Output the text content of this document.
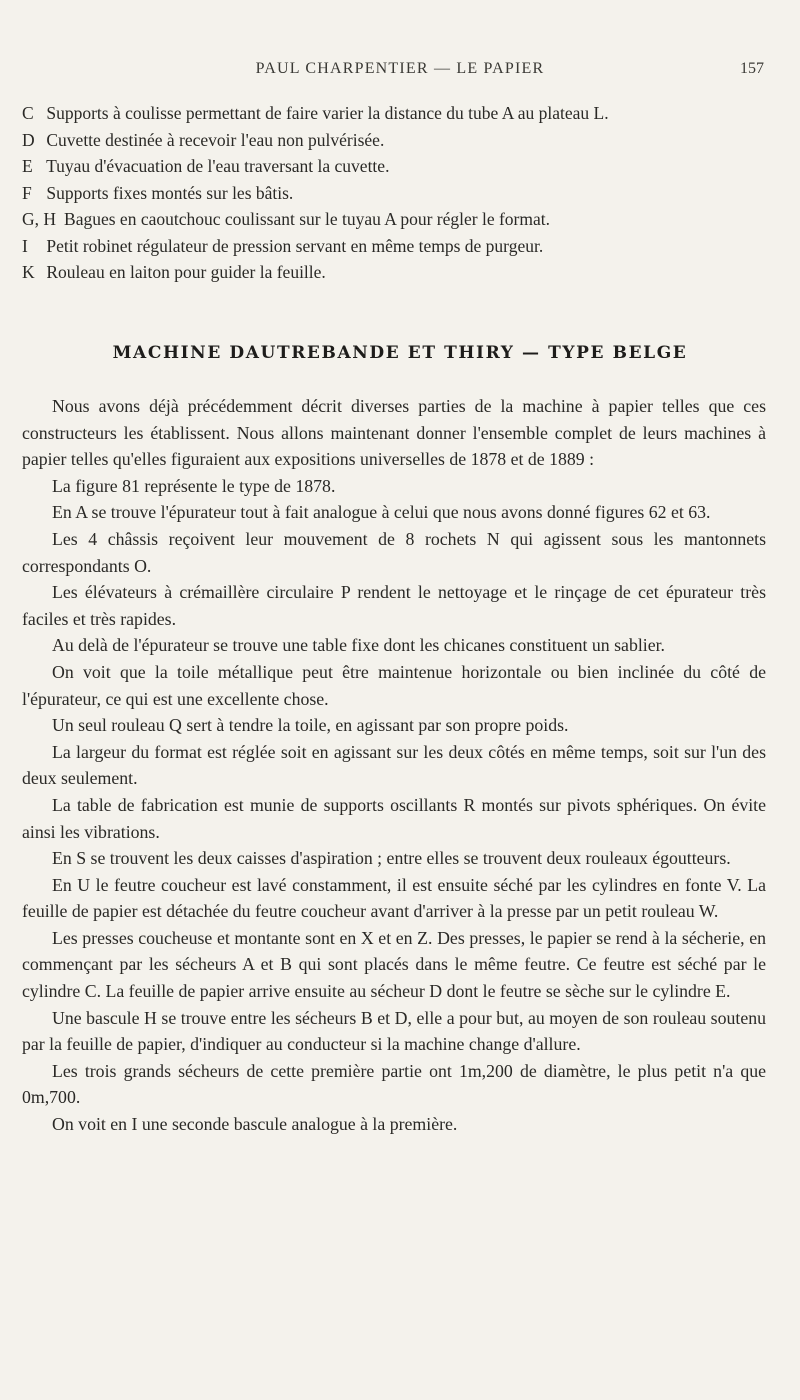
PAUL CHARPENTIER — LE PAPIER	157

C Supports à coulisse permettant de faire varier la distance du tube A au plateau L.

D Cuvette destinée à recevoir l'eau non pulvérisée.

E Tuyau d'évacuation de l'eau traversant la cuvette.

F Supports fixes montés sur les bâtis.

G, H Bagues en caoutchouc coulissant sur le tuyau A pour régler le format.

I Petit robinet régulateur de pression servant en même temps de purgeur.

K Rouleau en laiton pour guider la feuille.

MACHINE DAUTREBANDE ET THIRY — TYPE BELGE

Nous avons déjà précédemment décrit diverses parties de la machine à papier telles que ces constructeurs les établissent. Nous allons maintenant donner l'ensemble complet de leurs machines à papier telles qu'elles figuraient aux expositions universelles de 1878 et de 1889 :

La figure 81 représente le type de 1878.

En A se trouve l'épurateur tout à fait analogue à celui que nous avons donné figures 62 et 63.

Les 4 châssis reçoivent leur mouvement de 8 rochets N qui agissent sous les mantonnets correspondants O.

Les élévateurs à crémaillère circulaire P rendent le nettoyage et le rinçage de cet épurateur très faciles et très rapides.

Au delà de l'épurateur se trouve une table fixe dont les chicanes constituent un sablier.

On voit que la toile métallique peut être maintenue horizontale ou bien inclinée du côté de l'épurateur, ce qui est une excellente chose.

Un seul rouleau Q sert à tendre la toile, en agissant par son propre poids.

La largeur du format est réglée soit en agissant sur les deux côtés en même temps, soit sur l'un des deux seulement.

La table de fabrication est munie de supports oscillants R montés sur pivots sphériques. On évite ainsi les vibrations.

En S se trouvent les deux caisses d'aspiration ; entre elles se trouvent deux rouleaux égoutteurs.

En U le feutre coucheur est lavé constamment, il est ensuite séché par les cylindres en fonte V. La feuille de papier est détachée du feutre coucheur avant d'arriver à la presse par un petit rouleau W.

Les presses coucheuse et montante sont en X et en Z. Des presses, le papier se rend à la sécherie, en commençant par les sécheurs A et B qui sont placés dans le même feutre. Ce feutre est séché par le cylindre C. La feuille de papier arrive ensuite au sécheur D dont le feutre se sèche sur le cylindre E.

Une bascule H se trouve entre les sécheurs B et D, elle a pour but, au moyen de son rouleau soutenu par la feuille de papier, d'indiquer au conducteur si la machine change d'allure.

Les trois grands sécheurs de cette première partie ont 1m,200 de diamètre, le plus petit n'a que 0m,700.

On voit en I une seconde bascule analogue à la première.
